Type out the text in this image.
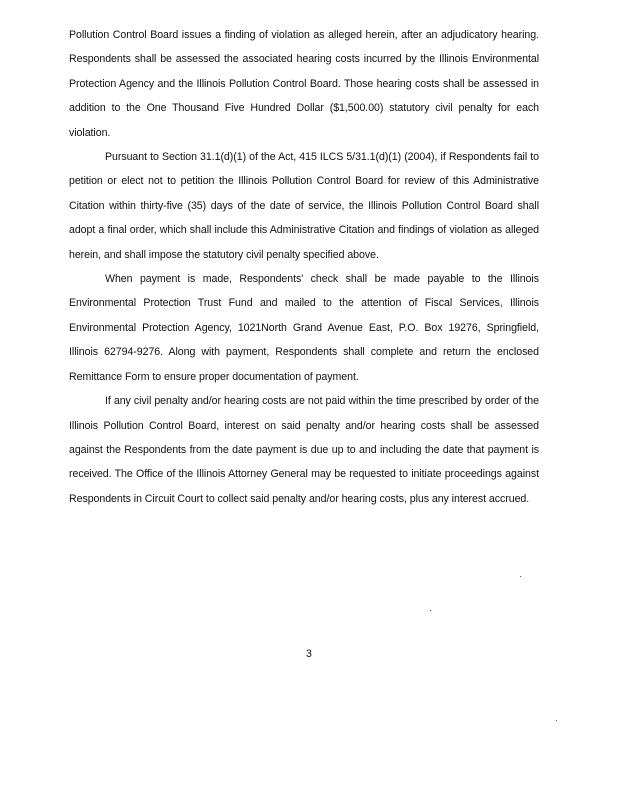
Pollution Control Board issues a finding of violation as alleged herein, after an adjudicatory hearing. Respondents shall be assessed the associated hearing costs incurred by the Illinois Environmental Protection Agency and the Illinois Pollution Control Board. Those hearing costs shall be assessed in addition to the One Thousand Five Hundred Dollar ($1,500.00) statutory civil penalty for each violation.

Pursuant to Section 31.1(d)(1) of the Act, 415 ILCS 5/31.1(d)(1) (2004), if Respondents fail to petition or elect not to petition the Illinois Pollution Control Board for review of this Administrative Citation within thirty-five (35) days of the date of service, the Illinois Pollution Control Board shall adopt a final order, which shall include this Administrative Citation and findings of violation as alleged herein, and shall impose the statutory civil penalty specified above.

When payment is made, Respondents' check shall be made payable to the Illinois Environmental Protection Trust Fund and mailed to the attention of Fiscal Services, Illinois Environmental Protection Agency, 1021North Grand Avenue East, P.O. Box 19276, Springfield, Illinois 62794-9276. Along with payment, Respondents shall complete and return the enclosed Remittance Form to ensure proper documentation of payment.

If any civil penalty and/or hearing costs are not paid within the time prescribed by order of the Illinois Pollution Control Board, interest on said penalty and/or hearing costs shall be assessed against the Respondents from the date payment is due up to and including the date that payment is received. The Office of the Illinois Attorney General may be requested to initiate proceedings against Respondents in Circuit Court to collect said penalty and/or hearing costs, plus any interest accrued.

3
